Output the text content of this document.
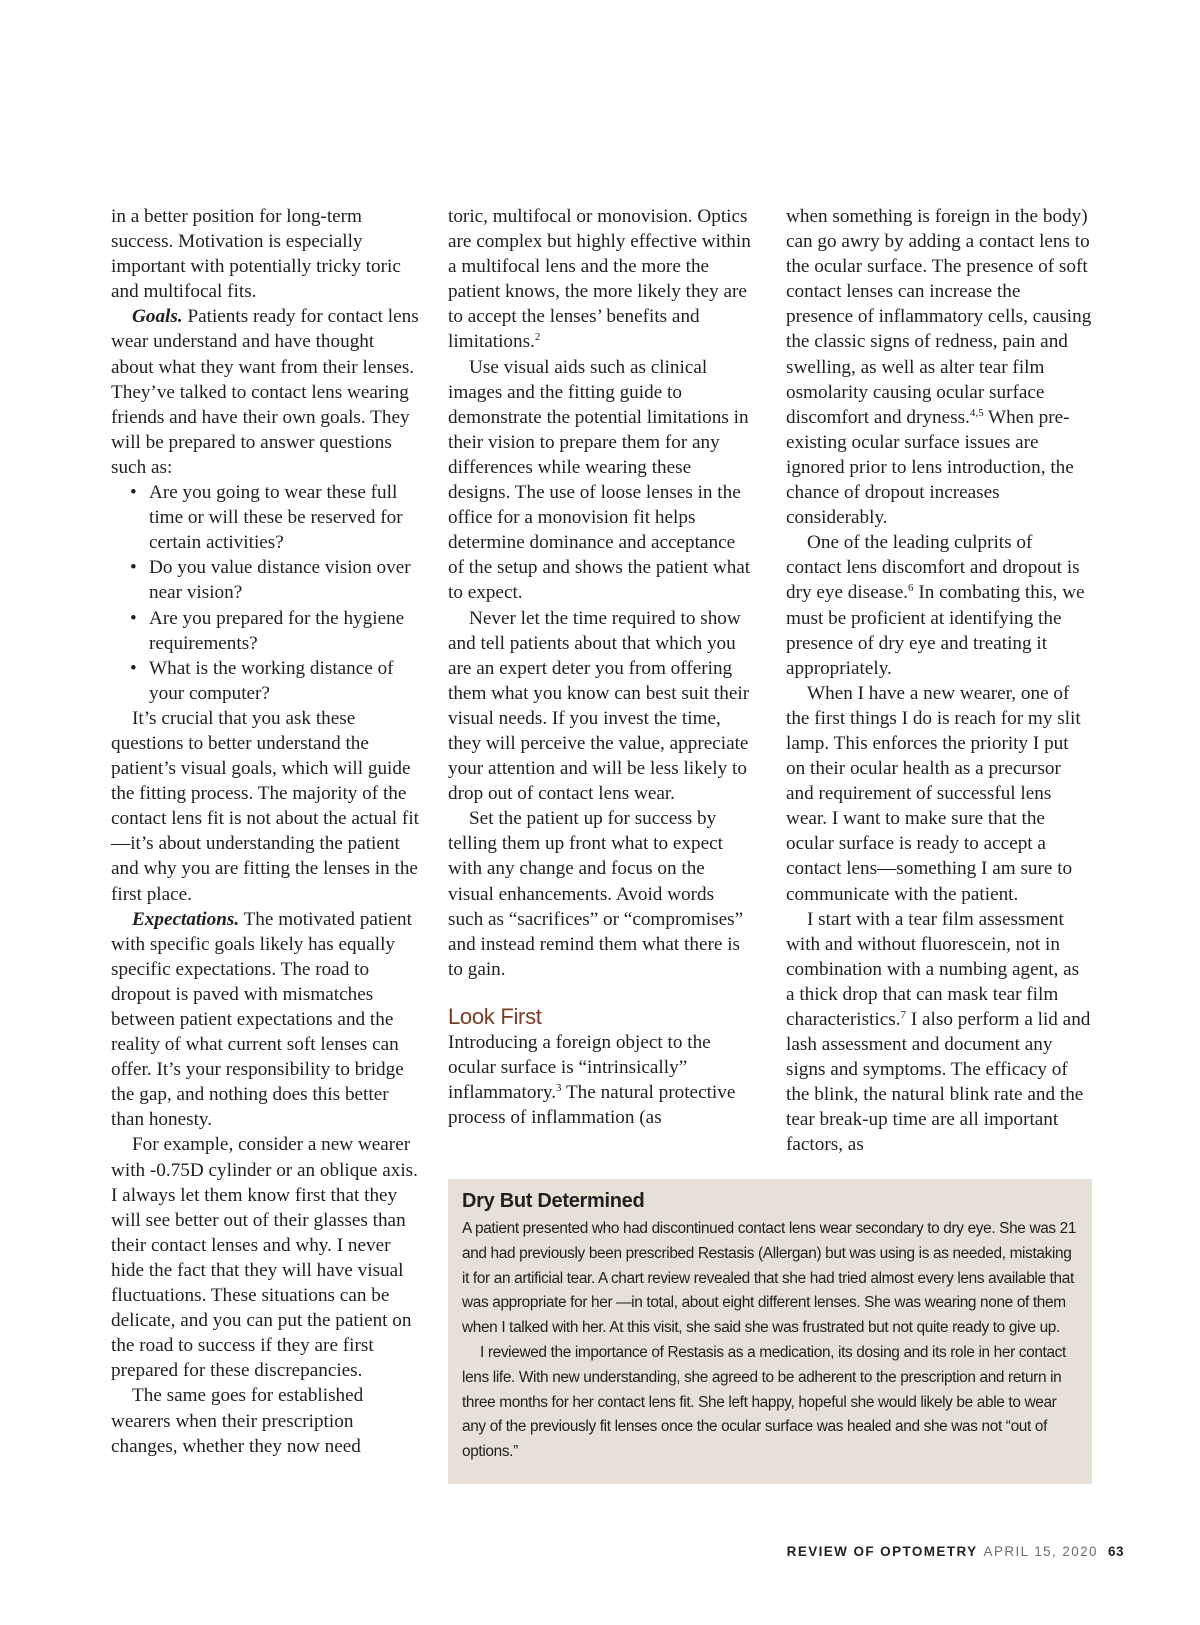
in a better position for long-term success. Motivation is especially important with potentially tricky toric and multifocal fits.

Goals. Patients ready for contact lens wear understand and have thought about what they want from their lenses. They’ve talked to contact lens wearing friends and have their own goals. They will be prepared to answer questions such as:

• Are you going to wear these full time or will these be reserved for certain activities?
• Do you value distance vision over near vision?
• Are you prepared for the hygiene requirements?
• What is the working distance of your computer?

It’s crucial that you ask these questions to better understand the patient’s visual goals, which will guide the fitting process. The majority of the contact lens fit is not about the actual fit—it’s about understanding the patient and why you are fitting the lenses in the first place.

Expectations. The motivated patient with specific goals likely has equally specific expectations. The road to dropout is paved with mismatches between patient expectations and the reality of what current soft lenses can offer. It’s your responsibility to bridge the gap, and nothing does this better than honesty.

For example, consider a new wearer with -0.75D cylinder or an oblique axis. I always let them know first that they will see better out of their glasses than their contact lenses and why. I never hide the fact that they will have visual fluctuations. These situations can be delicate, and you can put the patient on the road to success if they are first prepared for these discrepancies.

The same goes for established wearers when their prescription changes, whether they now need

toric, multifocal or monovision. Optics are complex but highly effective within a multifocal lens and the more the patient knows, the more likely they are to accept the lenses’ benefits and limitations.$^2$

Use visual aids such as clinical images and the fitting guide to demonstrate the potential limitations in their vision to prepare them for any differences while wearing these designs. The use of loose lenses in the office for a monovision fit helps determine dominance and acceptance of the setup and shows the patient what to expect.

Never let the time required to show and tell patients about that which you are an expert deter you from offering them what you know can best suit their visual needs. If you invest the time, they will perceive the value, appreciate your attention and will be less likely to drop out of contact lens wear.

Set the patient up for success by telling them up front what to expect with any change and focus on the visual enhancements. Avoid words such as “sacrifices” or “compromises” and instead remind them what there is to gain.

Look First

Introducing a foreign object to the ocular surface is “intrinsically” inflammatory.$^3$ The natural protective process of inflammation (as

when something is foreign in the body) can go awry by adding a contact lens to the ocular surface. The presence of soft contact lenses can increase the presence of inflammatory cells, causing the classic signs of redness, pain and swelling, as well as alter tear film osmolarity causing ocular surface discomfort and dryness.$^{4,5}$ When pre-existing ocular surface issues are ignored prior to lens introduction, the chance of dropout increases considerably.

One of the leading culprits of contact lens discomfort and dropout is dry eye disease.$^6$ In combating this, we must be proficient at identifying the presence of dry eye and treating it appropriately.

When I have a new wearer, one of the first things I do is reach for my slit lamp. This enforces the priority I put on their ocular health as a precursor and requirement of successful lens wear. I want to make sure that the ocular surface is ready to accept a contact lens—something I am sure to communicate with the patient.

I start with a tear film assessment with and without fluorescein, not in combination with a numbing agent, as a thick drop that can mask tear film characteristics.$^7$ I also perform a lid and lash assessment and document any signs and symptoms. The efficacy of the blink, the natural blink rate and the tear break-up time are all important factors, as

Dry But Determined

A patient presented who had discontinued contact lens wear secondary to dry eye. She was 21 and had previously been prescribed Restasis (Allergan) but was using is as needed, mistaking it for an artificial tear. A chart review revealed that she had tried almost every lens available that was appropriate for her —in total, about eight different lenses. She was wearing none of them when I talked with her. At this visit, she said she was frustrated but not quite ready to give up.

I reviewed the importance of Restasis as a medication, its dosing and its role in her contact lens life. With new understanding, she agreed to be adherent to the prescription and return in three months for her contact lens fit. She left happy, hopeful she would likely be able to wear any of the previously fit lenses once the ocular surface was healed and she was not “out of options.”

REVIEW OF OPTOMETRY APRIL 15, 2020 63
